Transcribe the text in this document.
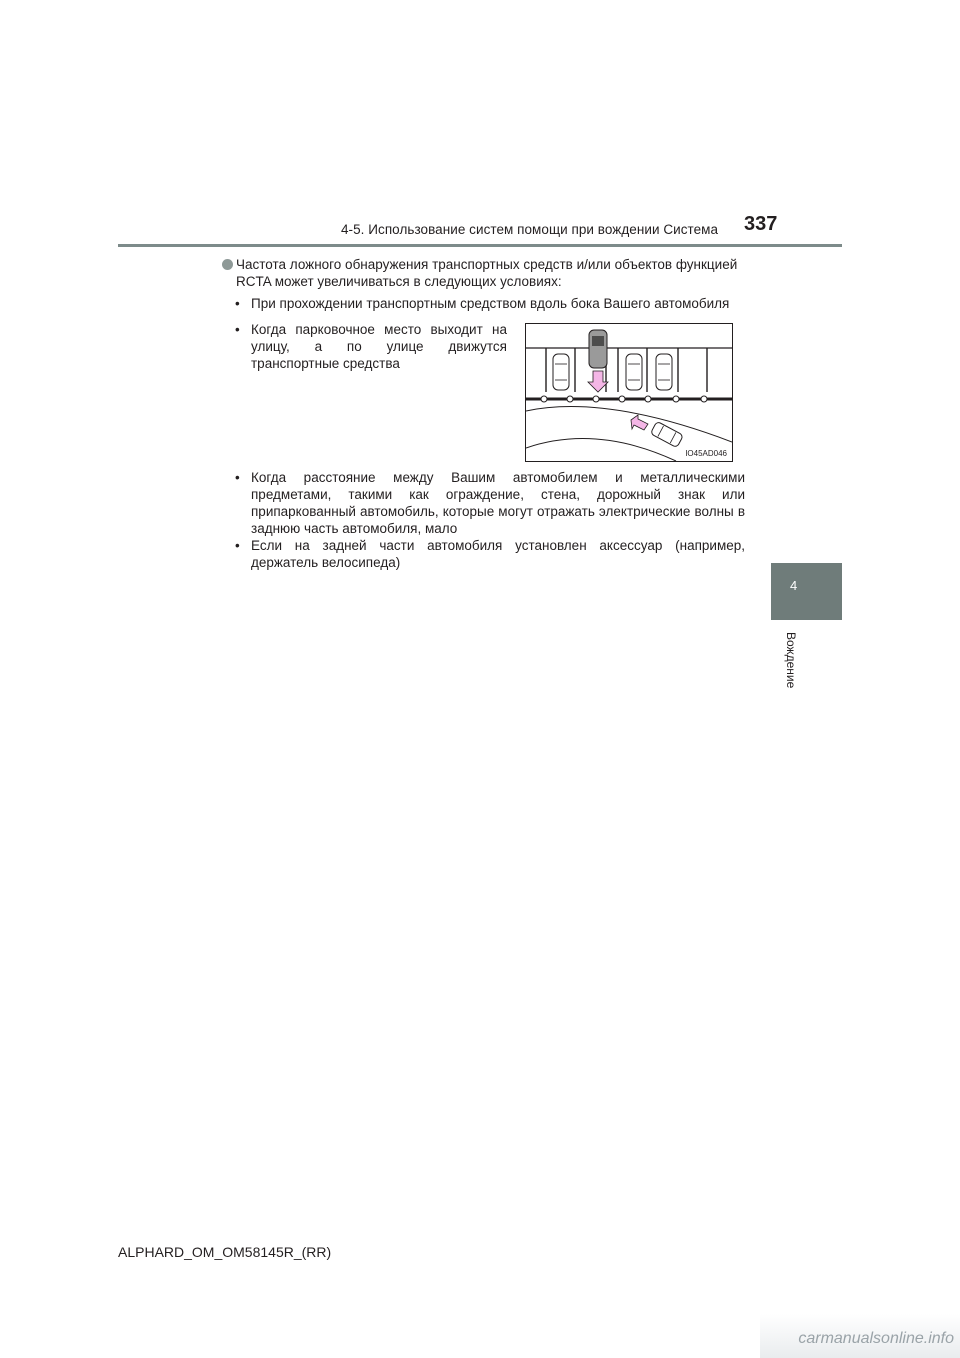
4-5. Использование систем помощи при вождении Система 337
4
Вождение
Частота ложного обнаружения транспортных средств и/или объектов функцией RCTA может увеличиваться в следующих условиях:
• При прохождении транспортным средством вдоль бока Вашего автомобиля
• Когда парковочное место выходит на улицу, а по улице движутся транспортные средства
IO45AD046
• Когда расстояние между Вашим автомобилем и металлическими предметами, такими как ограждение, стена, дорожный знак или припаркованный автомобиль, которые могут отражать электрические волны в заднюю часть автомобиля, мало
• Если на задней части автомобиля установлен аксессуар (например, держатель велосипеда)
ALPHARD_OM_OM58145R_(RR)
carmanualsonline.info
